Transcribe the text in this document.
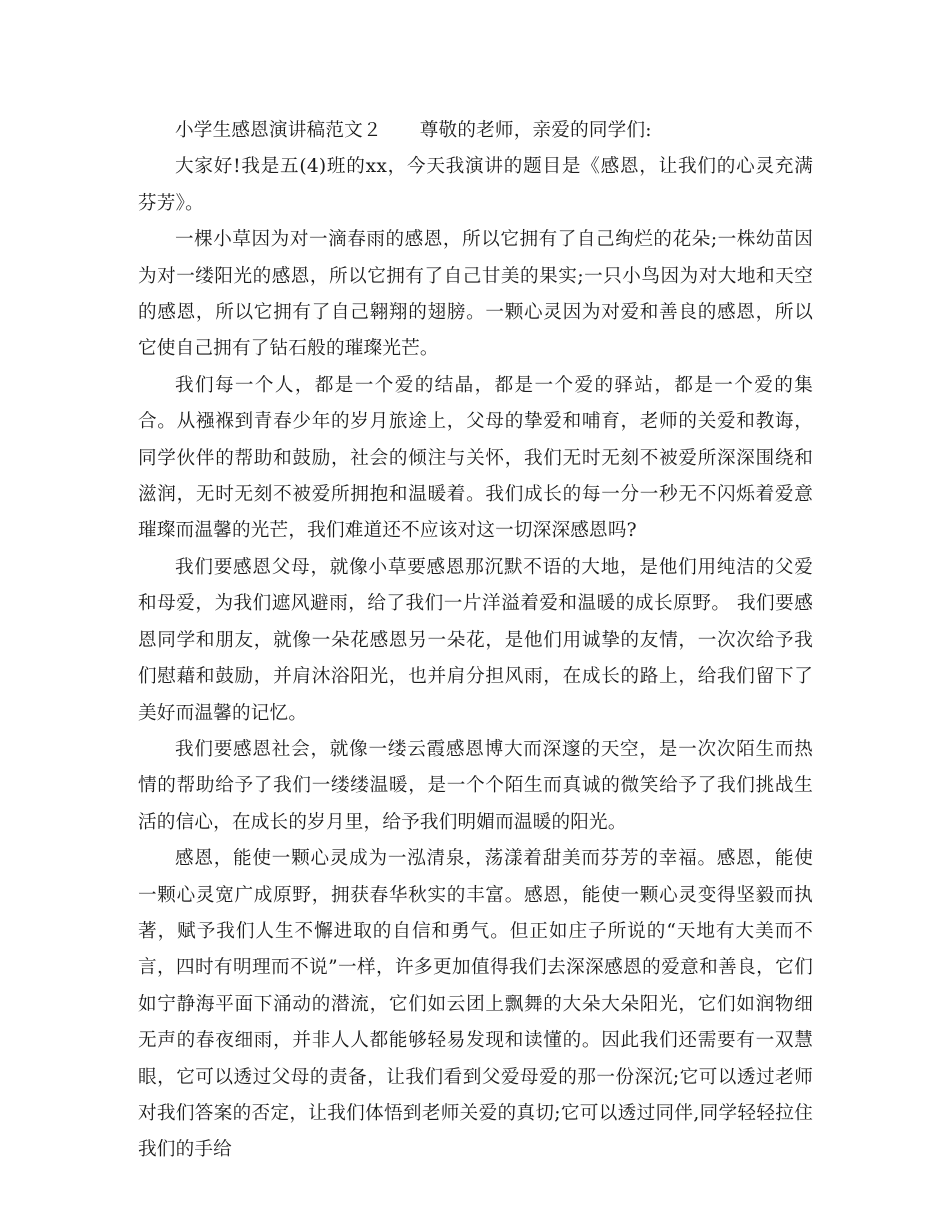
小学生感恩演讲稿范文２ 尊敬的老师，亲爱的同学们:

大家好!我是五(4)班的xx，今天我演讲的题目是《感恩，让我们的心灵充满芬芳》。

一棵小草因为对一滴春雨的感恩，所以它拥有了自己绚烂的花朵;一株幼苗因为对一缕阳光的感恩，所以它拥有了自己甘美的果实;一只小鸟因为对大地和天空的感恩，所以它拥有了自己翱翔的翅膀。一颗心灵因为对爱和善良的感恩，所以它使自己拥有了钻石般的璀璨光芒。

我们每一个人，都是一个爱的结晶，都是一个爱的驿站，都是一个爱的集合。从襁褓到青春少年的岁月旅途上，父母的挚爱和哺育，老师的关爱和教诲，同学伙伴的帮助和鼓励，社会的倾注与关怀，我们无时无刻不被爱所深深围绕和滋润，无时无刻不被爱所拥抱和温暖着。我们成长的每一分一秒无不闪烁着爱意璀璨而温馨的光芒，我们难道还不应该对这一切深深感恩吗?

我们要感恩父母，就像小草要感恩那沉默不语的大地，是他们用纯洁的父爱和母爱，为我们遮风避雨，给了我们一片洋溢着爱和温暖的成长原野。 我们要感恩同学和朋友，就像一朵花感恩另一朵花，是他们用诚挚的友情，一次次给予我们慰藉和鼓励，并肩沐浴阳光，也并肩分担风雨，在成长的路上，给我们留下了美好而温馨的记忆。

我们要感恩社会，就像一缕云霞感恩博大而深邃的天空，是一次次陌生而热情的帮助给予了我们一缕缕温暖，是一个个陌生而真诚的微笑给予了我们挑战生活的信心，在成长的岁月里，给予我们明媚而温暖的阳光。

感恩，能使一颗心灵成为一泓清泉，荡漾着甜美而芬芳的幸福。感恩，能使一颗心灵宽广成原野，拥获春华秋实的丰富。感恩，能使一颗心灵变得坚毅而执著，赋予我们人生不懈进取的自信和勇气。但正如庄子所说的“天地有大美而不言，四时有明理而不说”一样，许多更加值得我们去深深感恩的爱意和善良，它们如宁静海平面下涌动的潜流，它们如云团上飘舞的大朵大朵阳光，它们如润物细无声的春夜细雨，并非人人都能够轻易发现和读懂的。因此我们还需要有一双慧眼，它可以透过父母的责备，让我们看到父爱母爱的那一份深沉;它可以透过老师对我们答案的否定，让我们体悟到老师关爱的真切;它可以透过同伴,同学轻轻拉住我们的手给
